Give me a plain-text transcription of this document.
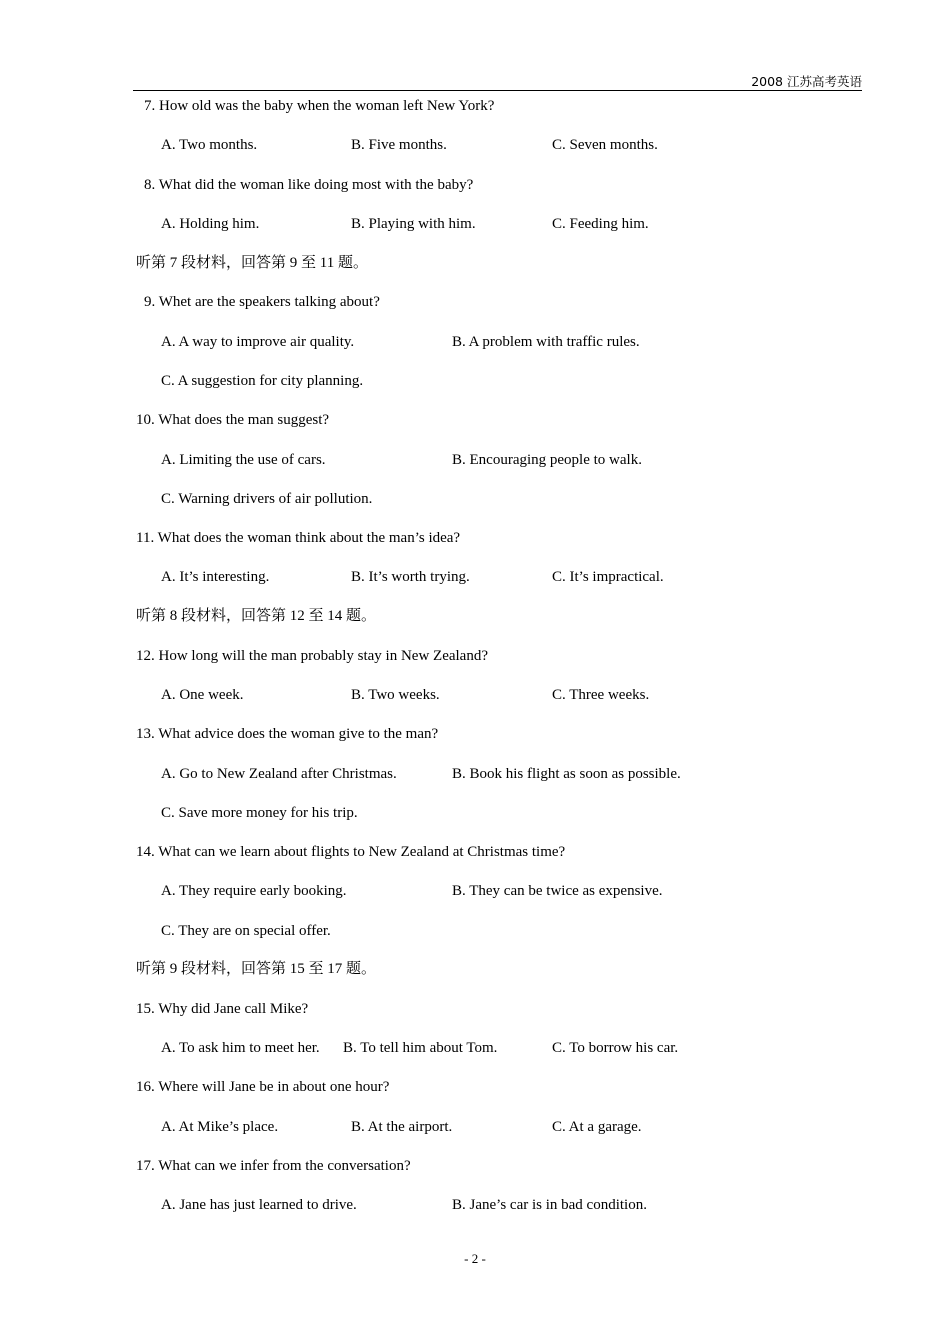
2008 江苏高考英语
7. How old was the baby when the woman left New York?
A. Two months.	B. Five months.	C. Seven months.
8. What did the woman like doing most with the baby?
A. Holding him.	B. Playing with him.	C. Feeding him.
听第 7 段材料，回答第 9 至 11 题。
9. Whet are the speakers talking about?
A. A way to improve air quality.	B. A problem with traffic rules.
C. A suggestion for city planning.
10. What does the man suggest?
A. Limiting the use of cars.	B. Encouraging people to walk.
C. Warning drivers of air pollution.
11. What does the woman think about the man’s idea?
A. It’s interesting.	B. It’s worth trying.	C. It’s impractical.
听第 8 段材料，回答第 12 至 14 题。
12. How long will the man probably stay in New Zealand?
A. One week.	B. Two weeks.	C. Three weeks.
13. What advice does the woman give to the man?
A. Go to New Zealand after Christmas.	B. Book his flight as soon as possible.
C. Save more money for his trip.
14. What can we learn about flights to New Zealand at Christmas time?
A. They require early booking.	B. They can be twice as expensive.
C. They are on special offer.
听第 9 段材料，回答第 15 至 17 题。
15. Why did Jane call Mike?
A. To ask him to meet her. B. To tell him about Tom.	C. To borrow his car.
16. Where will Jane be in about one hour?
A. At Mike’s place.	B. At the airport.	C. At a garage.
17. What can we infer from the conversation?
A. Jane has just learned to drive.	B. Jane’s car is in bad condition.
- 2 -
